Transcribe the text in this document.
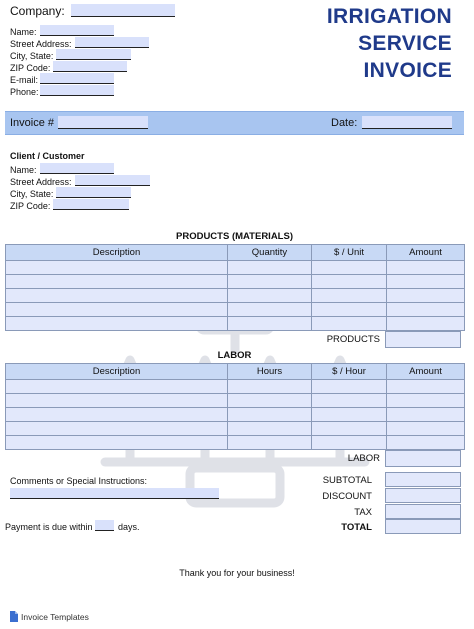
Company:	IRRIGATION
SERVICE
INVOICE
Name:
Street Address:
City, State:
ZIP Code:
E-mail:
Phone:
Invoice #	Date:
Client / Customer
Name:
Street Address:
City, State:
ZIP Code:
PRODUCTS (MATERIALS)
Description	Quantity	$ / Unit	Amount

PRODUCTS
LABOR
Description	Hours	$ / Hour	Amount

LABOR
Comments or Special Instructions:	SUBTOTAL
DISCOUNT
TAX
TOTAL
Payment is due within	days.
Thank you for your business!
Invoice Templates
